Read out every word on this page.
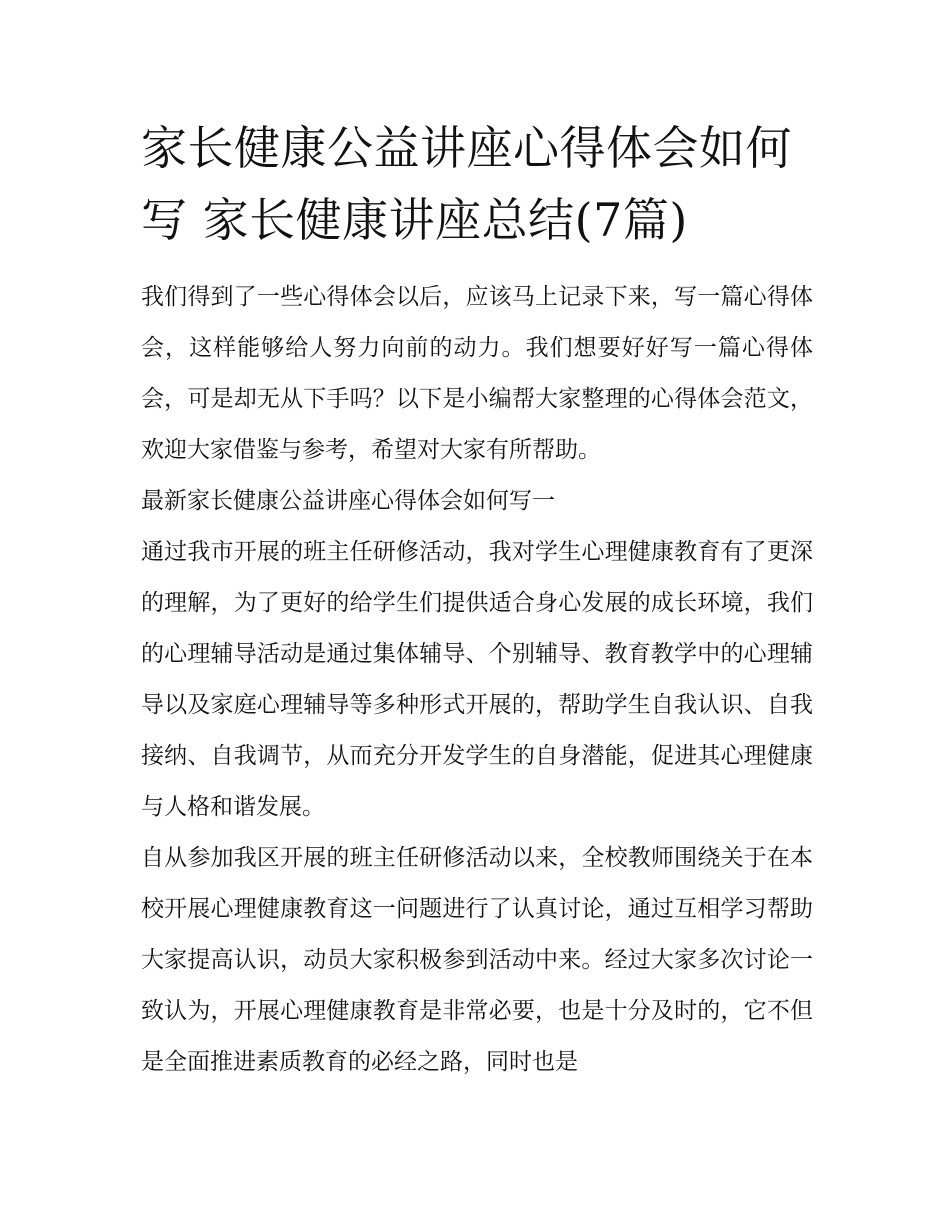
家长健康公益讲座心得体会如何写 家长健康讲座总结(7篇)

我们得到了一些心得体会以后，应该马上记录下来，写一篇心得体会，这样能够给人努力向前的动力。我们想要好好写一篇心得体会，可是却无从下手吗？以下是小编帮大家整理的心得体会范文，欢迎大家借鉴与参考，希望对大家有所帮助。

最新家长健康公益讲座心得体会如何写一

通过我市开展的班主任研修活动，我对学生心理健康教育有了更深的理解，为了更好的给学生们提供适合身心发展的成长环境，我们的心理辅导活动是通过集体辅导、个别辅导、教育教学中的心理辅导以及家庭心理辅导等多种形式开展的，帮助学生自我认识、自我接纳、自我调节，从而充分开发学生的自身潜能，促进其心理健康与人格和谐发展。

自从参加我区开展的班主任研修活动以来，全校教师围绕关于在本校开展心理健康教育这一问题进行了认真讨论，通过互相学习帮助大家提高认识，动员大家积极参到活动中来。经过大家多次讨论一致认为，开展心理健康教育是非常必要，也是十分及时的，它不但是全面推进素质教育的必经之路，同时也是
